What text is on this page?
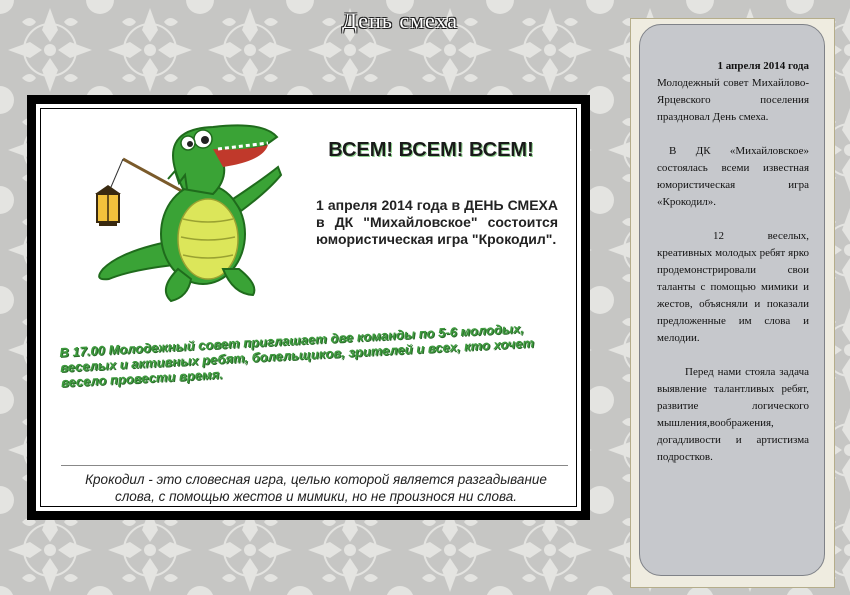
День смеха
ВСЕМ! ВСЕМ! ВСЕМ!
1 апреля 2014 года в ДЕНЬ СМЕХА в ДК "Михайловское" состоится юмористическая игра "Крокодил".
В 17.00 Молодежный совет приглашает две команды по 5-6 молодых, веселых и активных ребят, болельщиков, зрителей и всех, кто хочет весело провести время.
Крокодил - это словесная игра, целью которой является разгадывание слова, с помощью жестов и мимики, но не произнося ни слова.

1 апреля 2014 года

Молодежный совет Михайлово-Ярцевского поселения праздновал День смеха.

В ДК «Михайловское» состоялась всеми известная юмористическая игра «Крокодил».

12 веселых, креативных молодых ребят ярко продемонстрировали свои таланты с помощью мимики и жестов, объясняли и показали предложенные им слова и мелодии.

Перед нами стояла задача выявление талантливых ребят, развитие логического мышления,воображения, догадливости и артистизма подростков.
